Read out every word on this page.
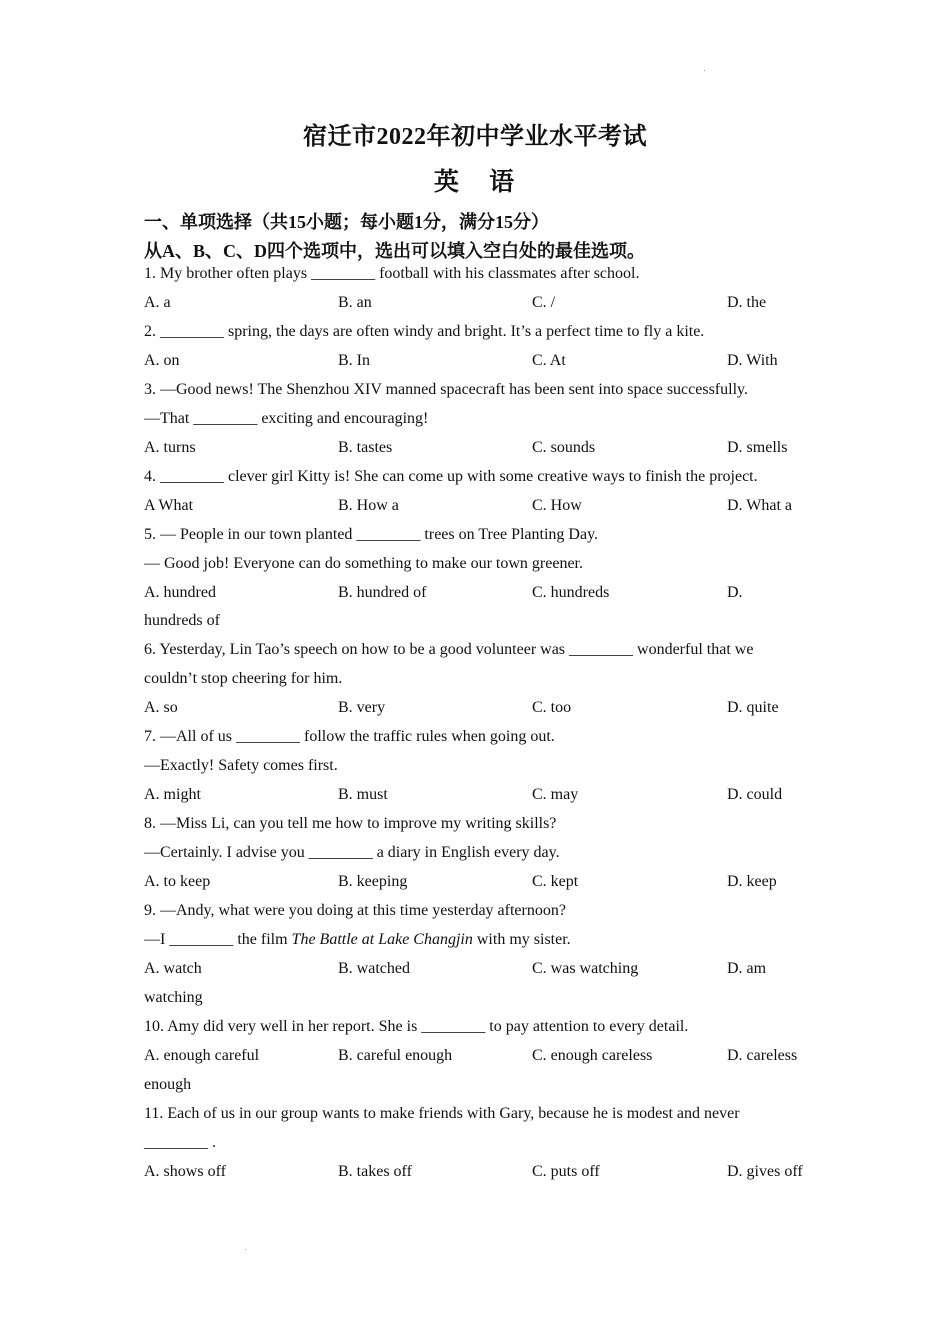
宿迁市2022年初中学业水平考试
英 语
一、单项选择（共15小题；每小题1分，满分15分）
从A、B、C、D四个选项中，选出可以填入空白处的最佳选项。
1. My brother often plays ________ football with his classmates after school.
A. a	B. an	C. /	D. the
2. ________ spring, the days are often windy and bright. It’s a perfect time to fly a kite.
A. on	B. In	C. At	D. With
3. —Good news! The Shenzhou XIV manned spacecraft has been sent into space successfully.
—That ________ exciting and encouraging!
A. turns	B. tastes	C. sounds	D. smells
4. ________ clever girl Kitty is! She can come up with some creative ways to finish the project.
A What	B. How a	C. How	D. What a
5. — People in our town planted ________ trees on Tree Planting Day.
— Good job! Everyone can do something to make our town greener.
A. hundred	B. hundred of	C. hundreds	D.
hundreds of
6. Yesterday, Lin Tao’s speech on how to be a good volunteer was ________ wonderful that we
couldn’t stop cheering for him.
A. so	B. very	C. too	D. quite
7. —All of us ________ follow the traffic rules when going out.
—Exactly! Safety comes first.
A. might	B. must	C. may	D. could
8. —Miss Li, can you tell me how to improve my writing skills?
—Certainly. I advise you ________ a diary in English every day.
A. to keep	B. keeping	C. kept	D. keep
9. —Andy, what were you doing at this time yesterday afternoon?
—I ________ the film The Battle at Lake Changjin with my sister.
A. watch	B. watched	C. was watching	D. am
watching
10. Amy did very well in her report. She is ________ to pay attention to every detail.
A. enough careful	B. careful enough	C. enough careless	D. careless
enough
11. Each of us in our group wants to make friends with Gary, because he is modest and never
________ .
A. shows off	B. takes off	C. puts off	D. gives off
